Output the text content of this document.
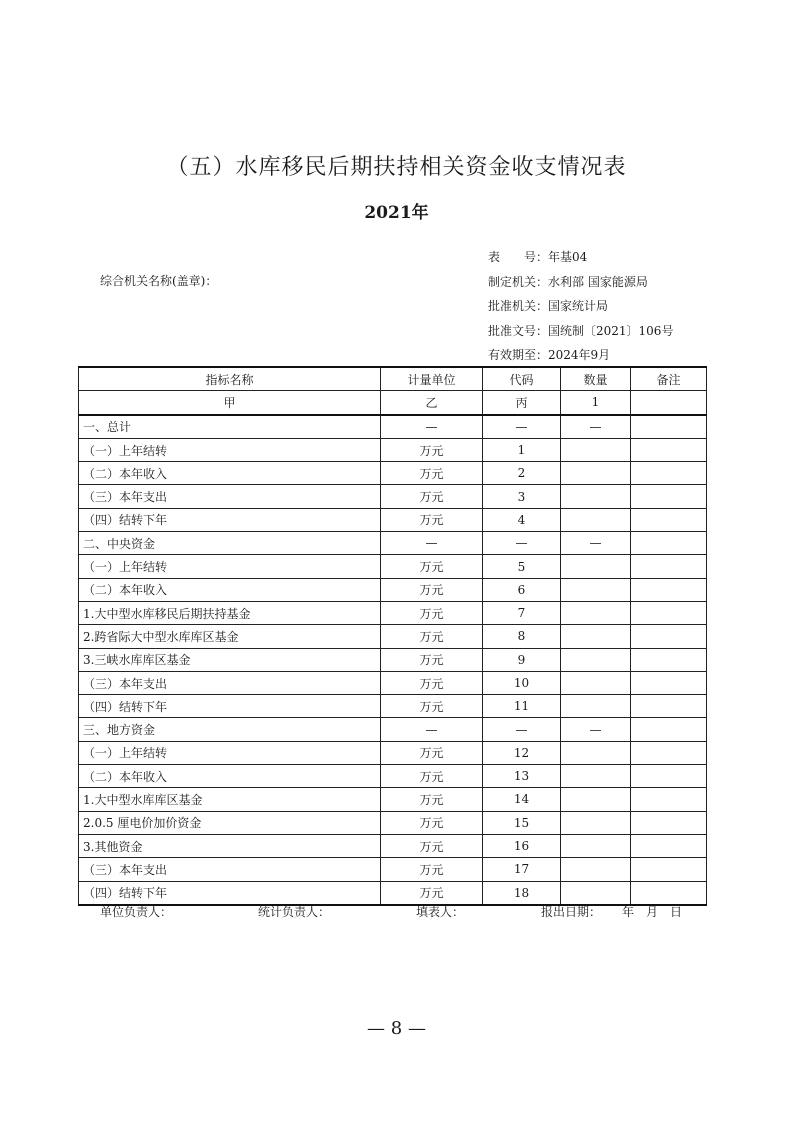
（五）水库移民后期扶持相关资金收支情况表
2021年
表　　号：年基04
制定机关：水利部 国家能源局
批准机关：国家统计局
批准文号：国统制〔2021〕106号
有效期至：2024年9月
综合机关名称(盖章)：
指标名称	计量单位	代码	数量	备注
甲	乙	丙	1	
一、总计	—	—	—	
（一）上年结转	万元	1		
（二）本年收入	万元	2		
（三）本年支出	万元	3		
（四）结转下年	万元	4		
二、中央资金	—	—	—	
（一）上年结转	万元	5		
（二）本年收入	万元	6		
1.大中型水库移民后期扶持基金	万元	7		
2.跨省际大中型水库库区基金	万元	8		
3.三峡水库库区基金	万元	9		
（三）本年支出	万元	10		
（四）结转下年	万元	11		
三、地方资金	—	—	—	
（一）上年结转	万元	12		
（二）本年收入	万元	13		
1.大中型水库库区基金	万元	14		
2.0.5 厘电价加价资金	万元	15		
3.其他资金	万元	16		
（三）本年支出	万元	17		
（四）结转下年	万元	18		
单位负责人：	统计负责人：	填表人：	报出日期： 年　月　日
— 8 —
